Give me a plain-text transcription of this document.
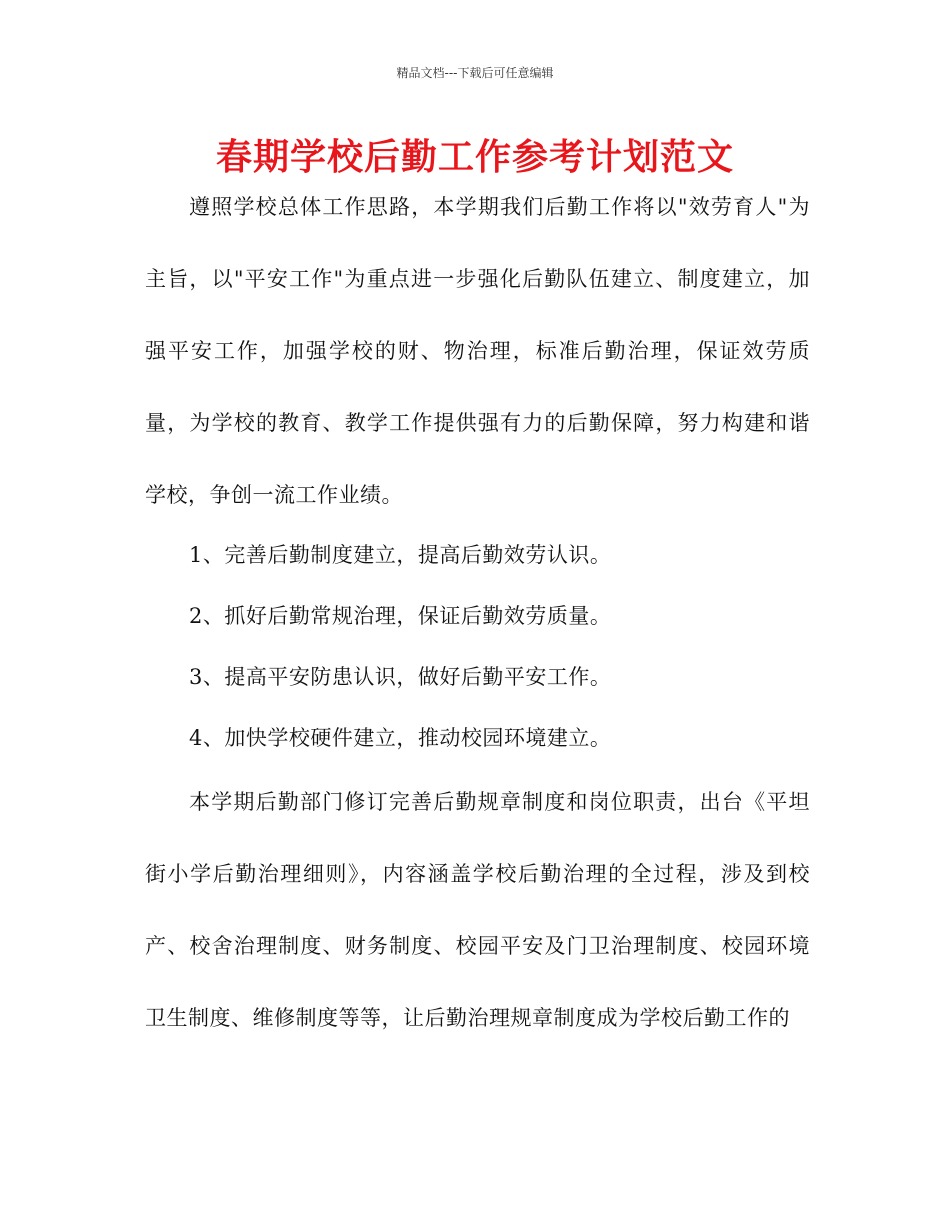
精品文档---下载后可任意编辑
春期学校后勤工作参考计划范文
遵照学校总体工作思路，本学期我们后勤工作将以"效劳育人"为主旨，以"平安工作"为重点进一步强化后勤队伍建立、制度建立，加强平安工作，加强学校的财、物治理，标准后勤治理，保证效劳质量，为学校的教育、教学工作提供强有力的后勤保障，努力构建和谐学校，争创一流工作业绩。
1、完善后勤制度建立，提高后勤效劳认识。
2、抓好后勤常规治理，保证后勤效劳质量。
3、提高平安防患认识，做好后勤平安工作。
4、加快学校硬件建立，推动校园环境建立。
本学期后勤部门修订完善后勤规章制度和岗位职责，出台《平坦街小学后勤治理细则》，内容涵盖学校后勤治理的全过程，涉及到校产、校舍治理制度、财务制度、校园平安及门卫治理制度、校园环境卫生制度、维修制度等等，让后勤治理规章制度成为学校后勤工作的
